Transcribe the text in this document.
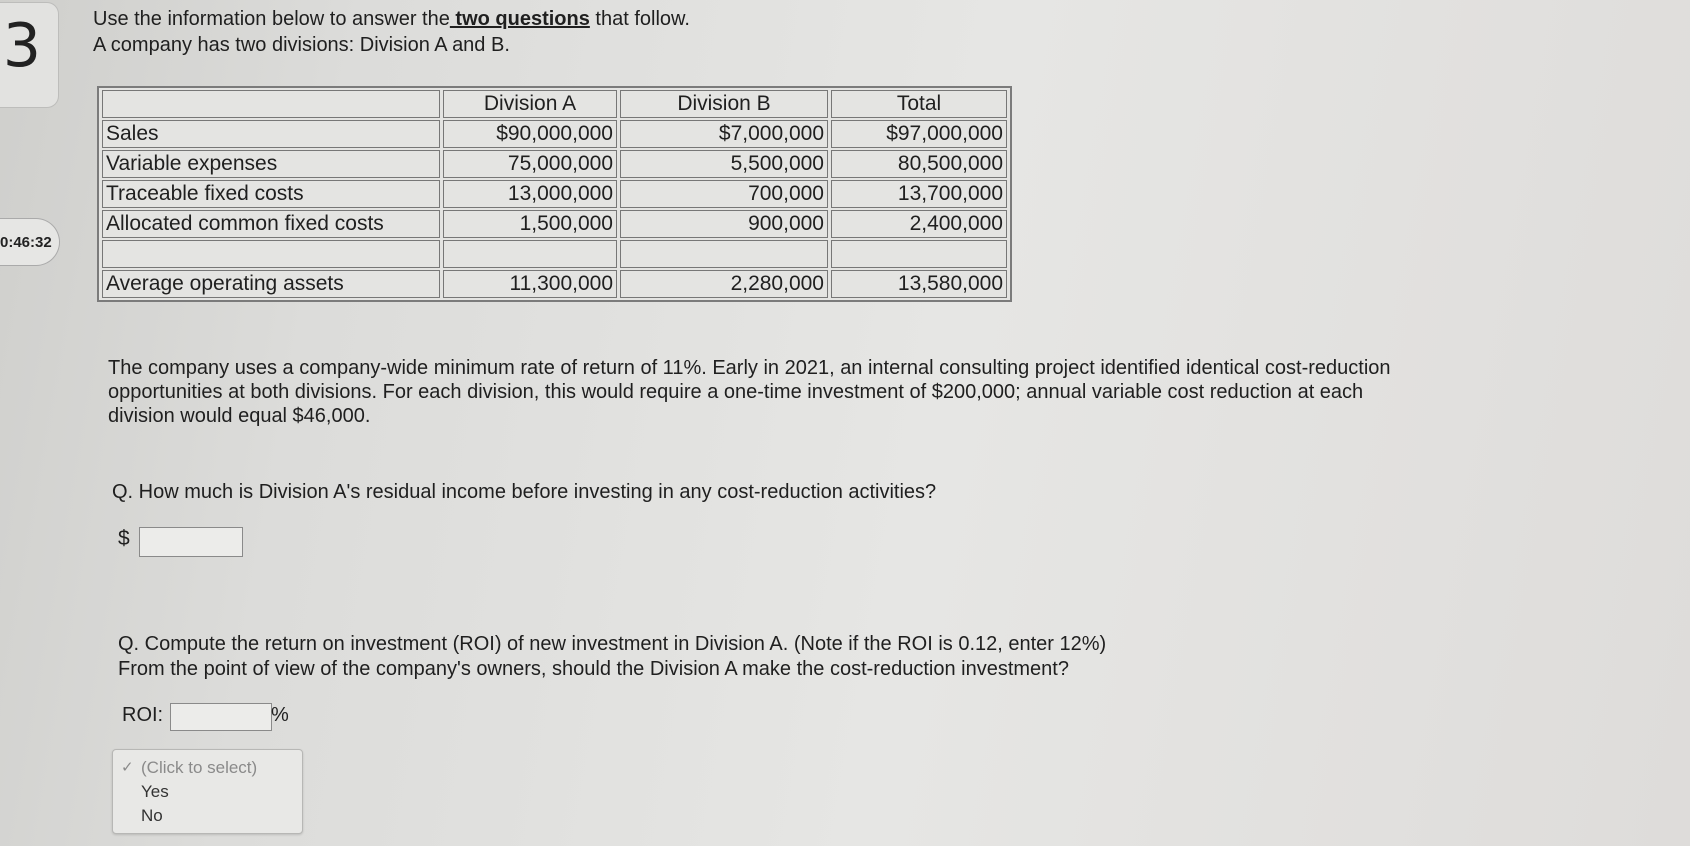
3
0:46:32
Use the information below to answer the two questions that follow.
A company has two divisions: Division A and B.
	Division A	Division B	Total
Sales	$90,000,000	$7,000,000	$97,000,000
Variable expenses	75,000,000	5,500,000	80,500,000
Traceable fixed costs	13,000,000	700,000	13,700,000
Allocated common fixed costs	1,500,000	900,000	2,400,000

Average operating assets	11,300,000	2,280,000	13,580,000
The company uses a company-wide minimum rate of return of 11%. Early in 2021, an internal consulting project identified identical cost-reduction opportunities at both divisions. For each division, this would require a one-time investment of $200,000; annual variable cost reduction at each division would equal $46,000.
Q. How much is Division A's residual income before investing in any cost-reduction activities?
$
Q. Compute the return on investment (ROI) of new investment in Division A. (Note if the ROI is 0.12, enter 12%)
From the point of view of the company's owners, should the Division A make the cost-reduction investment?
ROI:	%
✓ (Click to select)
Yes
No
